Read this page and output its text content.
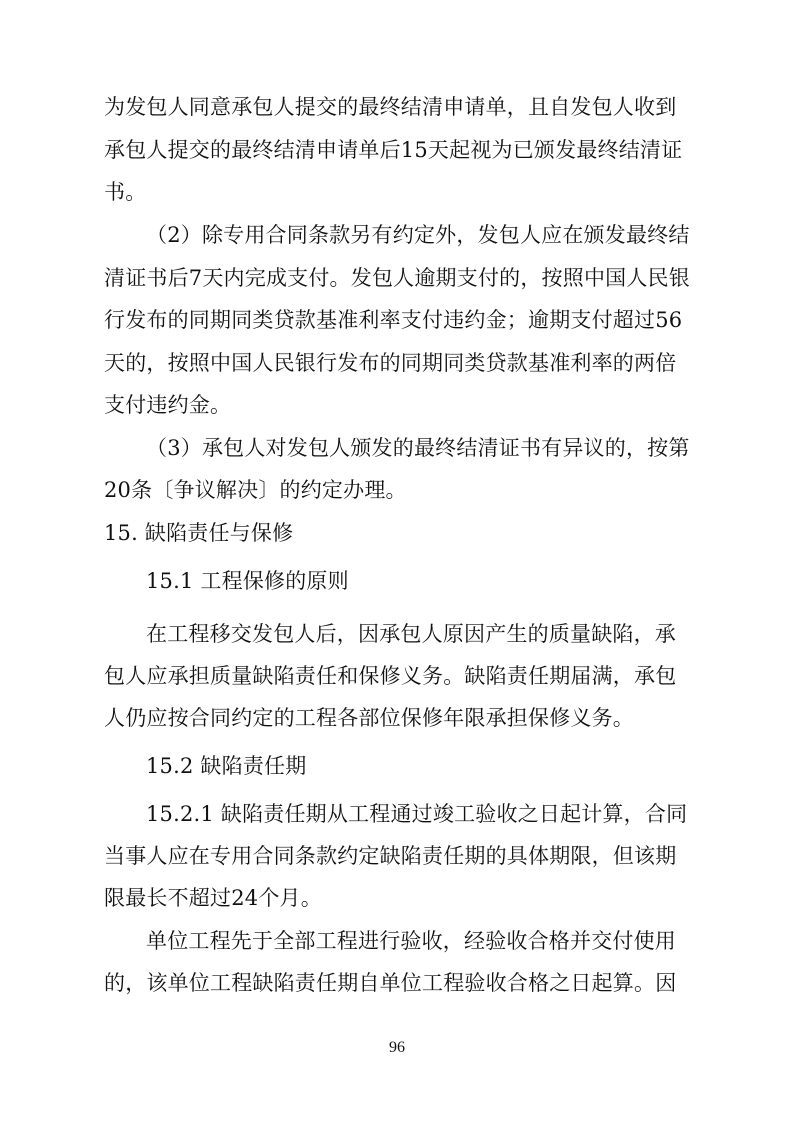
为发包人同意承包人提交的最终结清申请单，且自发包人收到
承包人提交的最终结清申请单后15天起视为已颁发最终结清证
书。
（2）除专用合同条款另有约定外，发包人应在颁发最终结
清证书后7天内完成支付。发包人逾期支付的，按照中国人民银
行发布的同期同类贷款基准利率支付违约金；逾期支付超过56
天的，按照中国人民银行发布的同期同类贷款基准利率的两倍
支付违约金。
（3）承包人对发包人颁发的最终结清证书有异议的，按第
20条〔争议解决〕的约定办理。
15. 缺陷责任与保修
15.1 工程保修的原则
在工程移交发包人后，因承包人原因产生的质量缺陷，承
包人应承担质量缺陷责任和保修义务。缺陷责任期届满，承包
人仍应按合同约定的工程各部位保修年限承担保修义务。
15.2 缺陷责任期
15.2.1 缺陷责任期从工程通过竣工验收之日起计算，合同
当事人应在专用合同条款约定缺陷责任期的具体期限，但该期
限最长不超过24个月。
单位工程先于全部工程进行验收，经验收合格并交付使用
的，该单位工程缺陷责任期自单位工程验收合格之日起算。因
96
